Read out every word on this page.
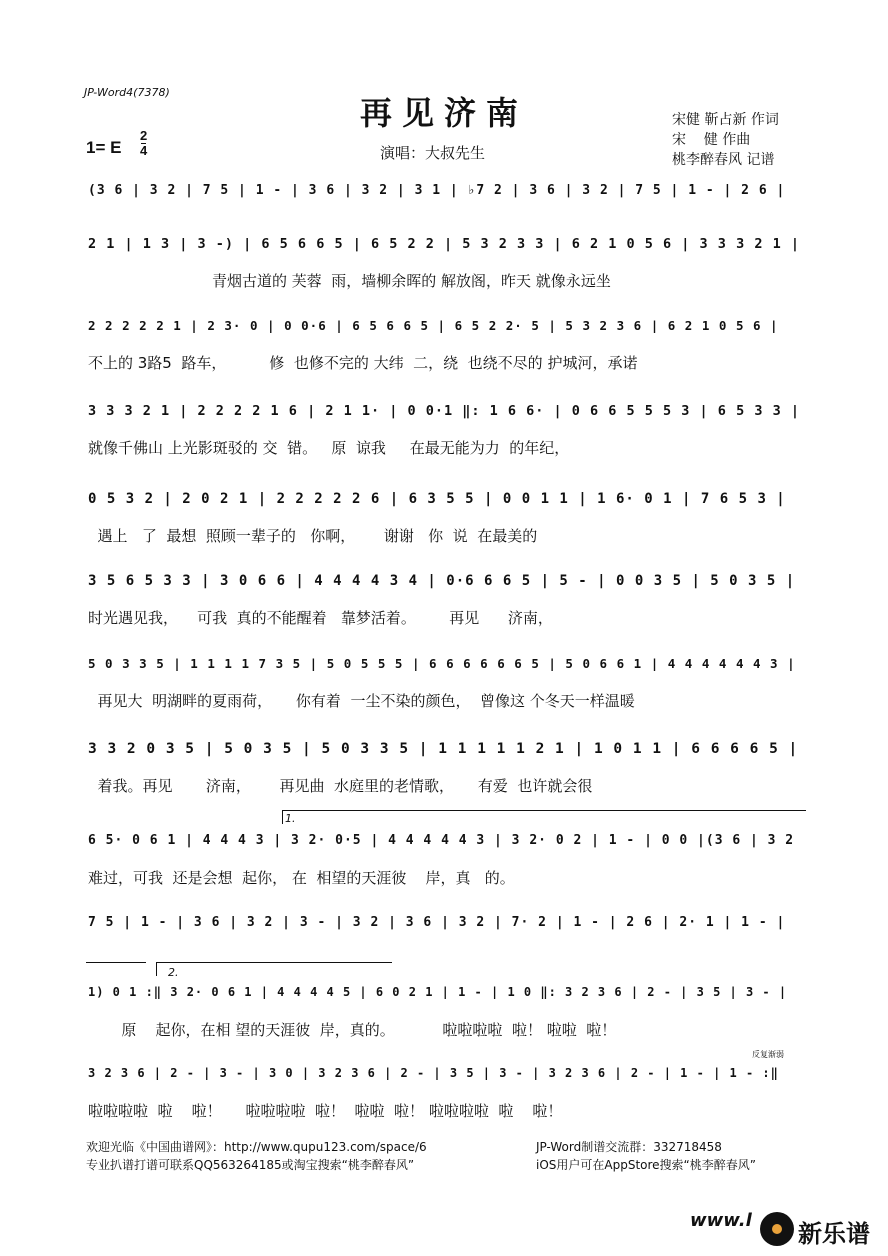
JP-Word4(7378)
再见济南
1= E
2
4	演唱：大叔先生
宋健 靳占新 作词
宋    健 作曲
桃李醉春风 记谱
(3 6 | 3 2 | 7 5 | 1 - | 3 6 | 3 2 | 3 1 | ♭7 2 | 3 6 | 3 2 | 7 5 | 1 - | 2 6 |
2 1 | 1 3 | 3 -) | 6 5 6 6 5 | 6 5 2 2 | 5 3 2 3 3 | 6 2 1 0 5 6 | 3 3 3 2 1 |
青烟古道的 芙蓉  雨，墙柳余晖的 解放阁，昨天 就像永远坐
2 2 2 2 2 1 | 2 3· 0 | 0 0·6 | 6 5 6 6 5 | 6 5 2 2· 5 | 5 3 2 3 6 | 6 2 1 0 5 6 |
不上的 3路5  路车，         修  也修不完的 大纬  二，绕  也绕不尽的 护城河，承诺
3 3 3 2 1 | 2 2 2 2 1 6 | 2 1 1· | 0 0·1 ‖: 1 6 6· | 0 6 6 5 5 5 3 | 6 5 3 3 |
就像千佛山 上光影斑驳的 交  错。   原  谅我     在最无能为力  的年纪，
0 5 3 2 | 2 0 2 1 | 2 2 2 2 2 6 | 6 3 5 5 | 0 0 1 1 | 1 6· 0 1 | 7 6 5 3 |
遇上   了  最想  照顾一辈子的   你啊，      谢谢   你  说  在最美的
3 5 6 5 3 3 | 3 0 6 6 | 4 4 4 4 3 4 | 0·6 6 6 5 | 5 - | 0 0 3 5 | 5 0 3 5 |
时光遇见我，    可我  真的不能醒着   靠梦活着。       再见      济南，
5 0 3 3 5 | 1 1 1 1 7 3 5 | 5 0 5 5 5 | 6 6 6 6 6 6 5 | 5 0 6 6 1 | 4 4 4 4 4 4 3 |
再见大  明湖畔的夏雨荷，     你有着  一尘不染的颜色，  曾像这 个冬天一样温暖
3 3 2 0 3 5 | 5 0 3 5 | 5 0 3 3 5 | 1 1 1 1 1 2 1 | 1 0 1 1 | 6 6 6 6 5 |
着我。再见       济南，      再见曲  水庭里的老情歌，     有爱  也许就会很
6 5· 0 6 1 | 4 4 4 3 | 3 2· 0·5 | 4 4 4 4 4 3 | 3 2· 0 2 | 1 - | 0 0 |(3 6 | 3 2
难过，可我  还是会想  起你， 在  相望的天涯彼    岸，真   的。
7 5 | 1 - | 3 6 | 3 2 | 3 - | 3 2 | 3 6 | 3 2 | 7· 2 | 1 - | 2 6 | 2· 1 | 1 - |
1) 0 1 :‖ 3 2· 0 6 1 | 4 4 4 4 5 | 6 0 2 1 | 1 - | 1 0 ‖: 3 2 3 6 | 2 - | 3 5 | 3 - |
原    起你，在相 望的天涯彼  岸，真的。          啦啦啦啦  啦！ 啦啦  啦！
3 2 3 6 | 2 - | 3 - | 3 0 | 3 2 3 6 | 2 - | 3 5 | 3 - | 3 2 3 6 | 2 - | 1 - | 1 - :‖
啦啦啦啦  啦    啦！     啦啦啦啦  啦！  啦啦  啦！ 啦啦啦啦  啦    啦！
1.
2.
反复渐弱
欢迎光临《中国曲谱网》：http://www.qupu123.com/space/6
专业扒谱打谱可联系QQ563264185或淘宝搜索“桃李醉春风”
JP-Word制谱交流群：332718458
iOS用户可在AppStore搜索“桃李醉春风”
www.l 新乐谱
